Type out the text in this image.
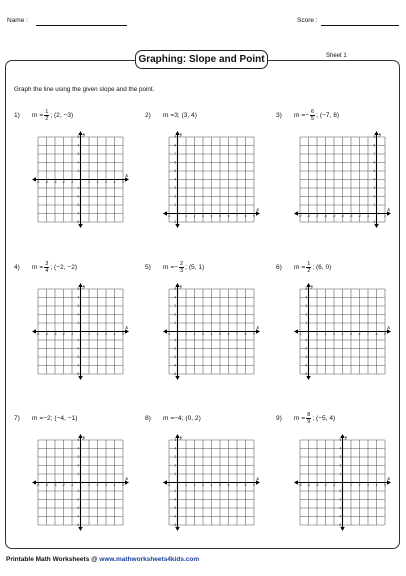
Name :	Score :
Graphing: Slope and Point	Sheet 1
Graph the line using the given slope and the point.
1)	$m = \frac{1}{2}$ ; (2, −3)
-5 -4 -3 -2 -1	1 2 3 4 5
-5
-4
-3
-2
-1
1
2
3
4
5
x
y
2)	m = 3 ; (3, 4)
-1	1 2 3 4 5 6 7 8 9
-1
1
2
3
4
5
6
7
8
9
x
y
3)	m = − $\frac{6}{5}$ ; (−7, 8)
-9 -8 -7 -6 -5 -4 -3 -2 -1	1
-1
1
2
3
4
5
6
7
8
9
x
y
4)	$m = \frac{3}{4}$ ; (−2, −2)
-5 -4 -3 -2 -1	1 2 3 4 5
-5
-4
-3
-2
-1
1
2
3
4
5
x
y
5)	m = − $\frac{2}{3}$ ; (5, 1)
-1	1 2 3 4 5 6 7 8 9
-5
-4
-3
-2
-1
1
2
3
4
5
x
y
6)	$m = \frac{1}{2}$ ; (6, 0)
-1	1 2 3 4 5 6 7 8 9
-5
-4
-3
-2
-1
1
2
3
4
5
x
y
7)	m = −2 ; (−4, −1)
-5 -4 -3 -2 -1	1 2 3 4 5
-5
-4
-3
-2
-1
1
2
3
4
5
x
y
8)	m = −4 ; (0, 2)
-1	1 2 3 4 5 6 7 8 9
-5
-4
-3
-2
-1
1
2
3
4
5
x
y
9)	$m = \frac{8}{9}$ ; (−5, 4)
-5 -4 -3 -2 -1	1 2 3 4 5
-5
-4
-3
-2
-1
1
2
3
4
5
x
y
Printable Math Worksheets @ www.mathworksheets4kids.com
